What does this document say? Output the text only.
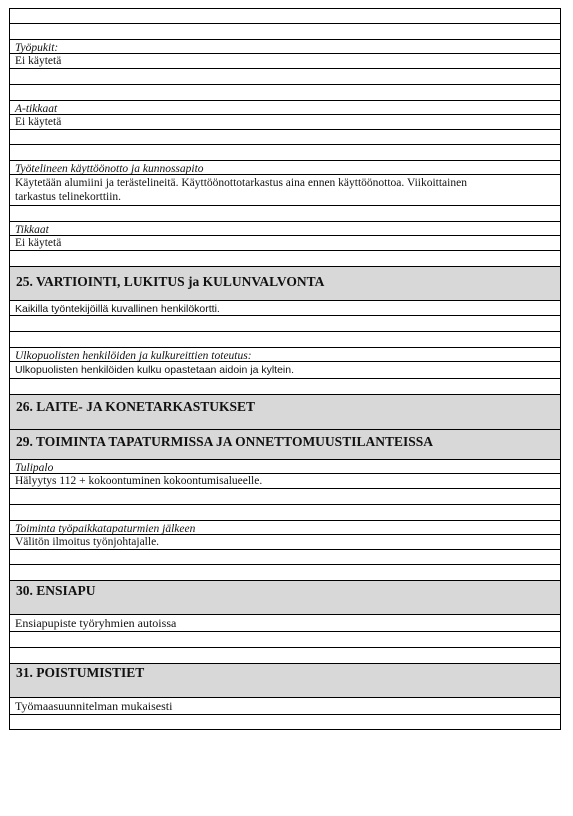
Työpukit:
Ei käytetä
A-tikkaat
Ei käytetä
Työtelineen käyttöönotto ja kunnossapito
Käytetään alumiini ja terästelineitä. Käyttöönottotarkastus aina ennen käyttöönottoa. Viikoittainen
tarkastus telinekorttiin.
Tikkaat
Ei käytetä
25. VARTIOINTI, LUKITUS ja KULUNVALVONTA
Kaikilla työntekijöillä kuvallinen henkilökortti.
Ulkopuolisten henkilöiden ja kulkureittien toteutus:
Ulkopuolisten henkilöiden kulku opastetaan aidoin ja kyltein.
26. LAITE- JA KONETARKASTUKSET
29. TOIMINTA TAPATURMISSA JA ONNETTOMUUSTILANTEISSA
Tulipalo
Hälyytys 112 + kokoontuminen kokoontumisalueelle.
Toiminta työpaikkatapaturmien jälkeen
Välitön ilmoitus työnjohtajalle.
30. ENSIAPU
Ensiapupiste työryhmien autoissa
31. POISTUMISTIET
Työmaasuunnitelman mukaisesti
